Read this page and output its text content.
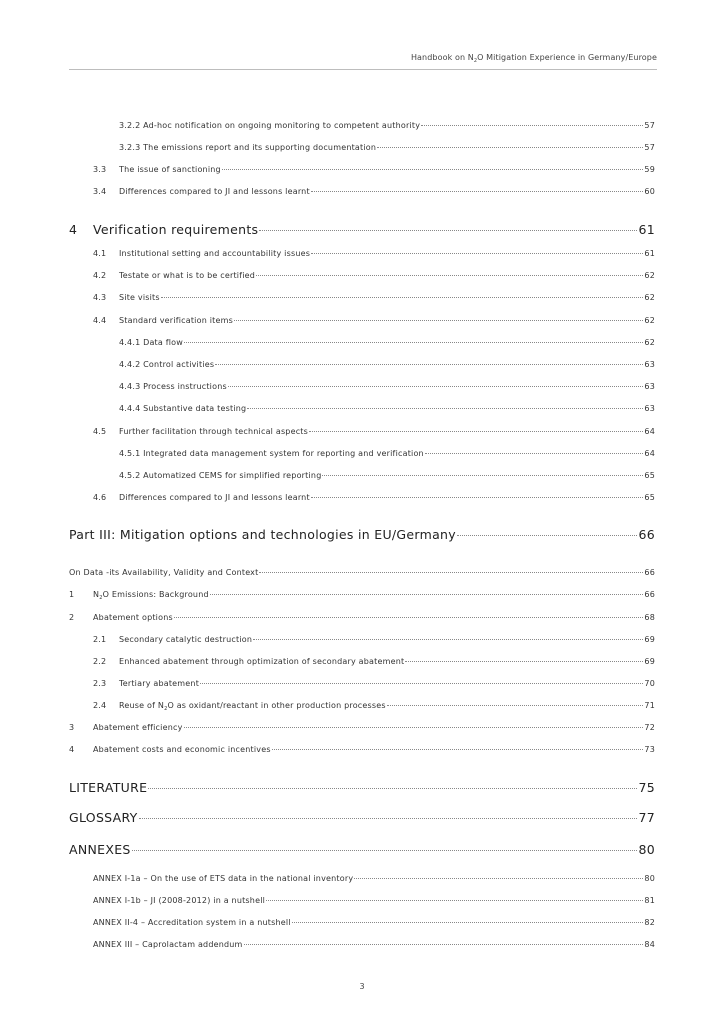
Handbook on $N_2O$ Mitigation Experience in Germany/Europe
3.2.2 Ad-hoc notification on ongoing monitoring to competent authority	57
3.2.3 The emissions report and its supporting documentation	57
3.3	The issue of sanctioning	59
3.4	Differences compared to JI and lessons learnt	60
4	Verification requirements	61
4.1	Institutional setting and accountability issues	61
4.2	Testate or what is to be certified	62
4.3	Site visits	62
4.4	Standard verification items	62
4.4.1 Data flow	62
4.4.2 Control activities	63
4.4.3 Process instructions	63
4.4.4 Substantive data testing	63
4.5	Further facilitation through technical aspects	64
4.5.1 Integrated data management system for reporting and verification	64
4.5.2 Automatized CEMS for simplified reporting	65
4.6	Differences compared to JI and lessons learnt	65
Part III: Mitigation options and technologies in EU/Germany	66
On Data -its Availability, Validity and Context	66
1	$N_2O$ Emissions: Background	66
2	Abatement options	68
2.1	Secondary catalytic destruction	69
2.2	Enhanced abatement through optimization of secondary abatement	69
2.3	Tertiary abatement	70
2.4	Reuse of $N_2O$ as oxidant/reactant in other production processes	71
3	Abatement efficiency	72
4	Abatement costs and economic incentives	73
LITERATURE	75
GLOSSARY	77
ANNEXES	80
ANNEX I-1a – On the use of ETS data in the national inventory	80
ANNEX I-1b – JI (2008-2012) in a nutshell	81
ANNEX II-4 – Accreditation system in a nutshell	82
ANNEX III – Caprolactam addendum	84
3
